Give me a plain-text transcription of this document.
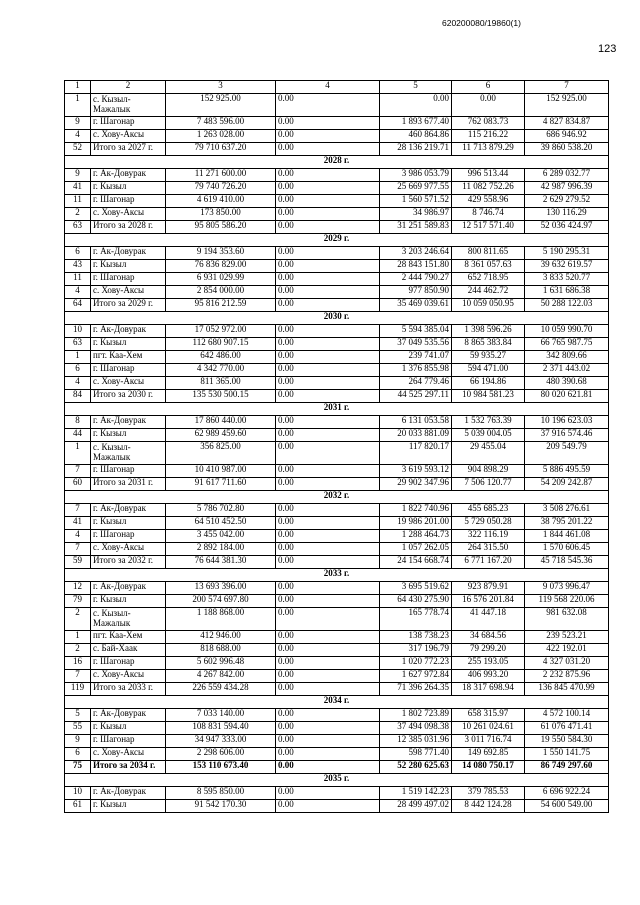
620200080/19860(1)
123
1	2	3	4	5	6	7
1	с. Кызыл-Мажалык	152 925.00	0.00	0.00	0.00	152 925.00
9	г. Шагонар	7 483 596.00	0.00	1 893 677.40	762 083.73	4 827 834.87
4	с. Хову-Аксы	1 263 028.00	0.00	460 864.86	115 216.22	686 946.92
52	Итого за 2027 г.	79 710 637.20	0.00	28 136 219.71	11 713 879.29	39 860 538.20
2028 г.						
9	г. Ак-Довурак	11 271 600.00	0.00	3 986 053.79	996 513.44	6 289 032.77
41	г. Кызыл	79 740 726.20	0.00	25 669 977.55	11 082 752.26	42 987 996.39
11	г. Шагонар	4 619 410.00	0.00	1 560 571.52	429 558.96	2 629 279.52
2	с. Хову-Аксы	173 850.00	0.00	34 986.97	8 746.74	130 116.29
63	Итого за 2028 г.	95 805 586.20	0.00	31 251 589.83	12 517 571.40	52 036 424.97
2029 г.						
6	г. Ак-Довурак	9 194 353.60	0.00	3 203 246.64	800 811.65	5 190 295.31
43	г. Кызыл	76 836 829.00	0.00	28 843 151.80	8 361 057.63	39 632 619.57
11	г. Шагонар	6 931 029.99	0.00	2 444 790.27	652 718.95	3 833 520.77
4	с. Хову-Аксы	2 854 000.00	0.00	977 850.90	244 462.72	1 631 686.38
64	Итого за 2029 г.	95 816 212.59	0.00	35 469 039.61	10 059 050.95	50 288 122.03
2030 г.						
10	г. Ак-Довурак	17 052 972.00	0.00	5 594 385.04	1 398 596.26	10 059 990.70
63	г. Кызыл	112 680 907.15	0.00	37 049 535.56	8 865 383.84	66 765 987.75
1	пгт. Каа-Хем	642 486.00	0.00	239 741.07	59 935.27	342 809.66
6	г. Шагонар	4 342 770.00	0.00	1 376 855.98	594 471.00	2 371 443.02
4	с. Хову-Аксы	811 365.00	0.00	264 779.46	66 194.86	480 390.68
84	Итого за 2030 г.	135 530 500.15	0.00	44 525 297.11	10 984 581.23	80 020 621.81
2031 г.						
8	г. Ак-Довурак	17 860 440.00	0.00	6 131 053.58	1 532 763.39	10 196 623.03
44	г. Кызыл	62 989 459.60	0.00	20 033 881.09	5 039 004.05	37 916 574.46
1	с. Кызыл-Мажалык	356 825.00	0.00	117 820.17	29 455.04	209 549.79
7	г. Шагонар	10 410 987.00	0.00	3 619 593.12	904 898.29	5 886 495.59
60	Итого за 2031 г.	91 617 711.60	0.00	29 902 347.96	7 506 120.77	54 209 242.87
2032 г.						
7	г. Ак-Довурак	5 786 702.80	0.00	1 822 740.96	455 685.23	3 508 276.61
41	г. Кызыл	64 510 452.50	0.00	19 986 201.00	5 729 050.28	38 795 201.22
4	г. Шагонар	3 455 042.00	0.00	1 288 464.73	322 116.19	1 844 461.08
7	с. Хову-Аксы	2 892 184.00	0.00	1 057 262.05	264 315.50	1 570 606.45
59	Итого за 2032 г.	76 644 381.30	0.00	24 154 668.74	6 771 167.20	45 718 545.36
2033 г.						
12	г. Ак-Довурак	13 693 396.00	0.00	3 695 519.62	923 879.91	9 073 996.47
79	г. Кызыл	200 574 697.80	0.00	64 430 275.90	16 576 201.84	119 568 220.06
2	с. Кызыл-Мажалык	1 188 868.00	0.00	165 778.74	41 447.18	981 632.08
1	пгт. Каа-Хем	412 946.00	0.00	138 738.23	34 684.56	239 523.21
2	с. Бай-Хаак	818 688.00	0.00	317 196.79	79 299.20	422 192.01
16	г. Шагонар	5 602 996.48	0.00	1 020 772.23	255 193.05	4 327 031.20
7	с. Хову-Аксы	4 267 842.00	0.00	1 627 972.84	406 993.20	2 232 875.96
119	Итого за 2033 г.	226 559 434.28	0.00	71 396 264.35	18 317 698.94	136 845 470.99
2034 г.						
5	г. Ак-Довурак	7 033 140.00	0.00	1 802 723.89	658 315.97	4 572 100.14
55	г. Кызыл	108 831 594.40	0.00	37 494 098.38	10 261 024.61	61 076 471.41
9	г. Шагонар	34 947 333.00	0.00	12 385 031.96	3 011 716.74	19 550 584.30
6	с. Хову-Аксы	2 298 606.00	0.00	598 771.40	149 692.85	1 550 141.75
75	Итого за 2034 г.	153 110 673.40	0.00	52 280 625.63	14 080 750.17	86 749 297.60
2035 г.						
10	г. Ак-Довурак	8 595 850.00	0.00	1 519 142.23	379 785.53	6 696 922.24
61	г. Кызыл	91 542 170.30	0.00	28 499 497.02	8 442 124.28	54 600 549.00
